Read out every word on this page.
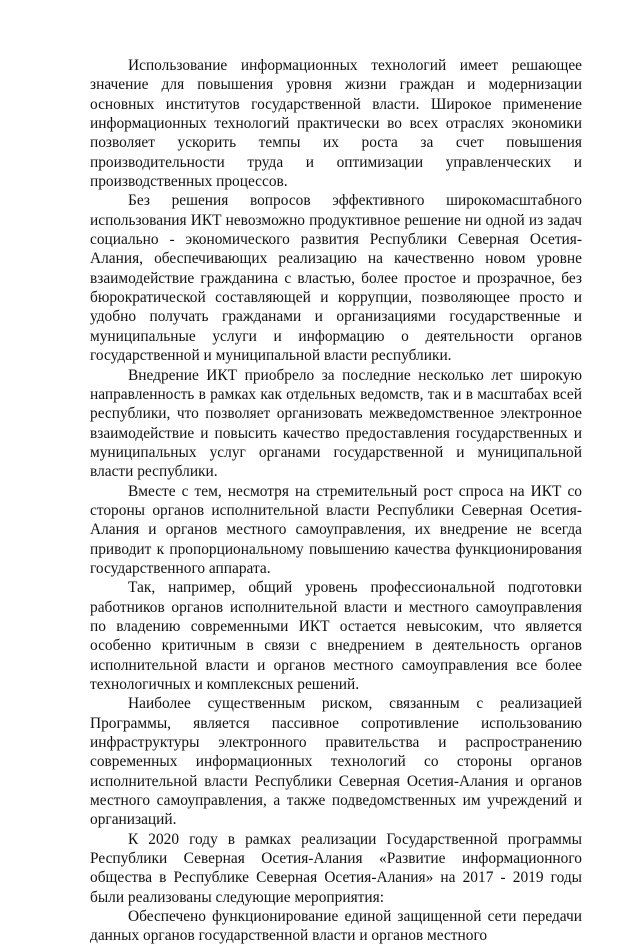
Использование информационных технологий имеет решающее значение для повышения уровня жизни граждан и модернизации основных институтов государственной власти. Широкое применение информационных технологий практически во всех отраслях экономики позволяет ускорить темпы их роста за счет повышения производительности труда и оптимизации управленческих и производственных процессов.

Без решения вопросов эффективного широкомасштабного использования ИКТ невозможно продуктивное решение ни одной из задач социально - экономического развития Республики Северная Осетия-Алания, обеспечивающих реализацию на качественно новом уровне взаимодействие гражданина с властью, более простое и прозрачное, без бюрократической составляющей и коррупции, позволяющее просто и удобно получать гражданами и организациями государственные и муниципальные услуги и информацию о деятельности органов государственной и муниципальной власти республики.

Внедрение ИКТ приобрело за последние несколько лет широкую направленность в рамках как отдельных ведомств, так и в масштабах всей республики, что позволяет организовать межведомственное электронное взаимодействие и повысить качество предоставления государственных и муниципальных услуг органами государственной и муниципальной власти республики.

Вместе с тем, несмотря на стремительный рост спроса на ИКТ со стороны органов исполнительной власти Республики Северная Осетия-Алания и органов местного самоуправления, их внедрение не всегда приводит к пропорциональному повышению качества функционирования государственного аппарата.

Так, например, общий уровень профессиональной подготовки работников органов исполнительной власти и местного самоуправления по владению современными ИКТ остается невысоким, что является особенно критичным в связи с внедрением в деятельность органов исполнительной власти и органов местного самоуправления все более технологичных и комплексных решений.

Наиболее существенным риском, связанным с реализацией Программы, является пассивное сопротивление использованию инфраструктуры электронного правительства и распространению современных информационных технологий со стороны органов исполнительной власти Республики Северная Осетия-Алания и органов местного самоуправления, а также подведомственных им учреждений и организаций.

К 2020 году в рамках реализации Государственной программы Республики Северная Осетия-Алания «Развитие информационного общества в Республике Северная Осетия-Алания» на 2017 - 2019 годы были реализованы следующие мероприятия:

Обеспечено функционирование единой защищенной сети передачи данных органов государственной власти и органов местного
